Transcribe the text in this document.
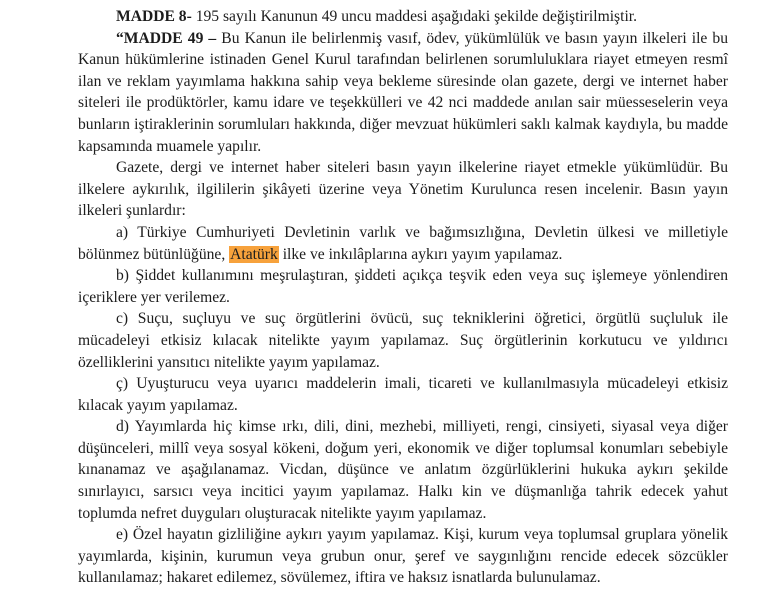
MADDE 8- 195 sayılı Kanunun 49 uncu maddesi aşağıdaki şekilde değiştirilmiştir.

“MADDE 49 – Bu Kanun ile belirlenmiş vasıf, ödev, yükümlülük ve basın yayın ilkeleri ile bu Kanun hükümlerine istinaden Genel Kurul tarafından belirlenen sorumluluklara riayet etmeyen resmî ilan ve reklam yayımlama hakkına sahip veya bekleme süresinde olan gazete, dergi ve internet haber siteleri ile prodüktörler, kamu idare ve teşekkülleri ve 42 nci maddede anılan sair müesseselerin veya bunların iştiraklerinin sorumluları hakkında, diğer mevzuat hükümleri saklı kalmak kaydıyla, bu madde kapsamında muamele yapılır.

Gazete, dergi ve internet haber siteleri basın yayın ilkelerine riayet etmekle yükümlüdür. Bu ilkelere aykırılık, ilgililerin şikâyeti üzerine veya Yönetim Kurulunca resen incelenir. Basın yayın ilkeleri şunlardır:

a) Türkiye Cumhuriyeti Devletinin varlık ve bağımsızlığına, Devletin ülkesi ve milletiyle bölünmez bütünlüğüne, Atatürk ilke ve inkılâplarına aykırı yayım yapılamaz.

b) Şiddet kullanımını meşrulaştıran, şiddeti açıkça teşvik eden veya suç işlemeye yönlendiren içeriklere yer verilemez.

c) Suçu, suçluyu ve suç örgütlerini övücü, suç tekniklerini öğretici, örgütlü suçluluk ile mücadeleyi etkisiz kılacak nitelikte yayım yapılamaz. Suç örgütlerinin korkutucu ve yıldırıcı özelliklerini yansıtıcı nitelikte yayım yapılamaz.

ç) Uyuşturucu veya uyarıcı maddelerin imali, ticareti ve kullanılmasıyla mücadeleyi etkisiz kılacak yayım yapılamaz.

d) Yayımlarda hiç kimse ırkı, dili, dini, mezhebi, milliyeti, rengi, cinsiyeti, siyasal veya diğer düşünceleri, millî veya sosyal kökeni, doğum yeri, ekonomik ve diğer toplumsal konumları sebebiyle kınanamaz ve aşağılanamaz. Vicdan, düşünce ve anlatım özgürlüklerini hukuka aykırı şekilde sınırlayıcı, sarsıcı veya incitici yayım yapılamaz. Halkı kin ve düşmanlığa tahrik edecek yahut toplumda nefret duyguları oluşturacak nitelikte yayım yapılamaz.

e) Özel hayatın gizliliğine aykırı yayım yapılamaz. Kişi, kurum veya toplumsal gruplara yönelik yayımlarda, kişinin, kurumun veya grubun onur, şeref ve saygınlığını rencide edecek sözcükler kullanılamaz; hakaret edilemez, sövülemez, iftira ve haksız isnatlarda bulunulamaz.
